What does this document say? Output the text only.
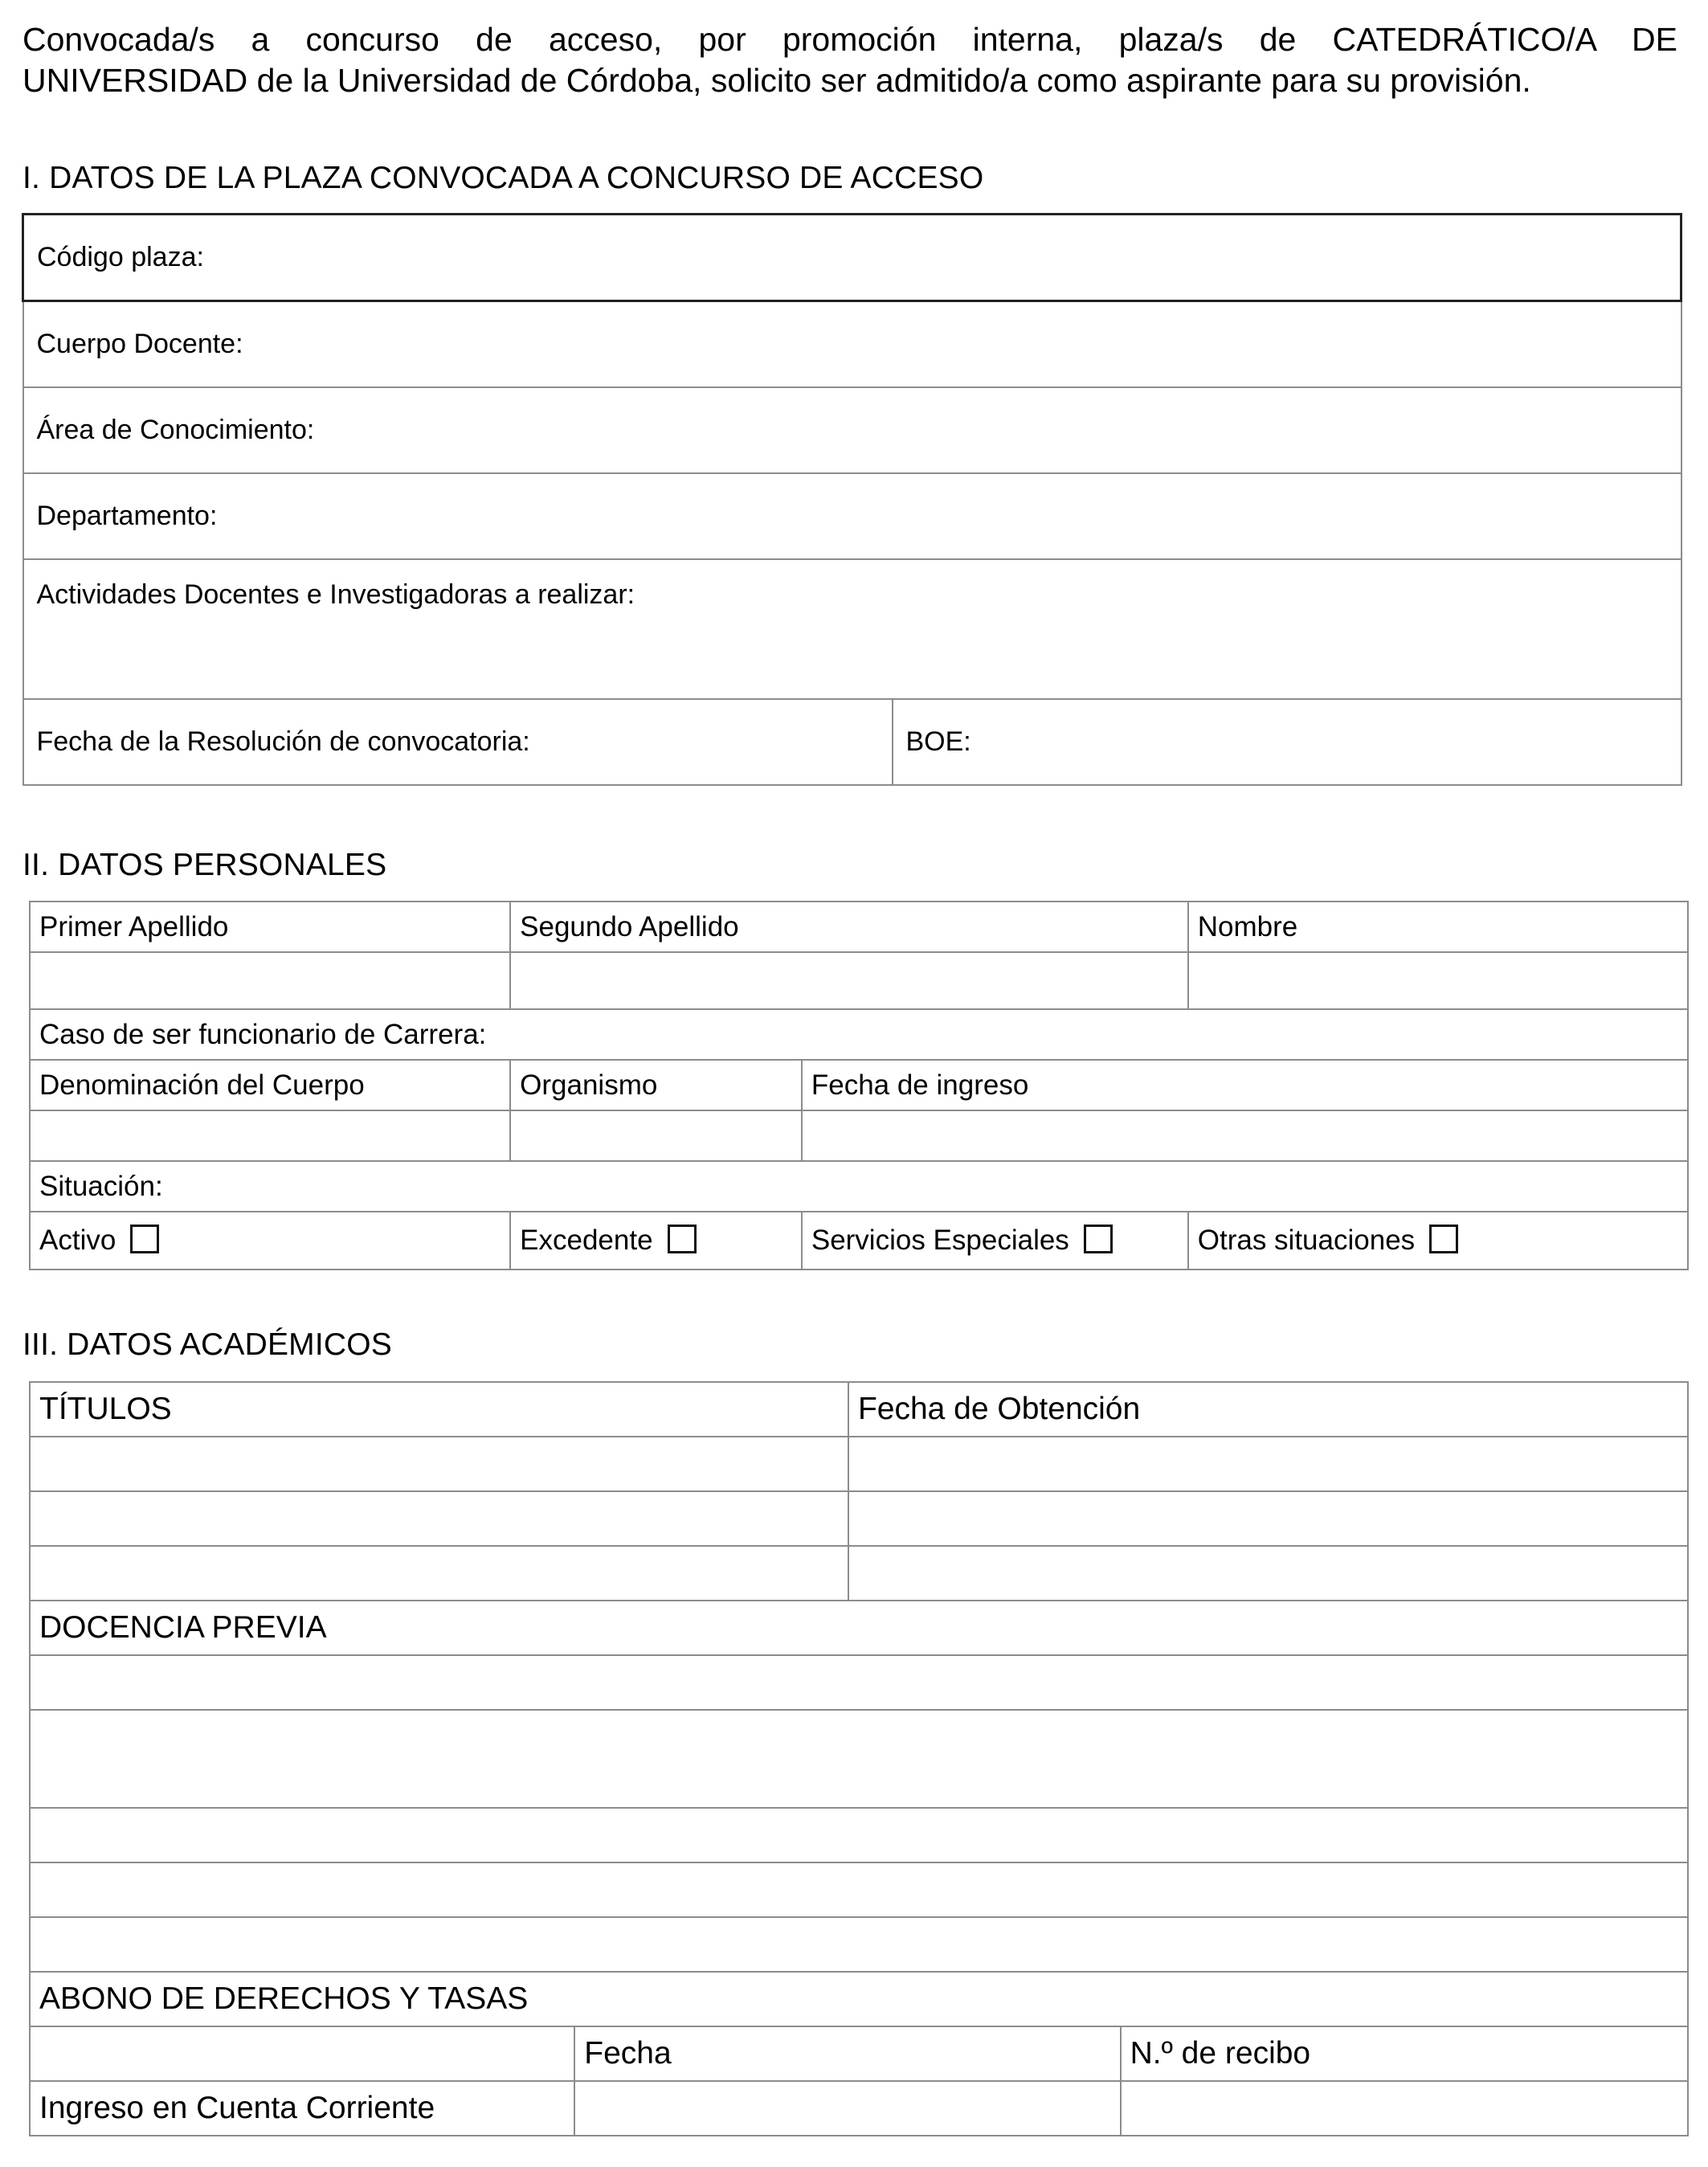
Convocada/s a concurso de acceso, por promoción interna, plaza/s de CATEDRÁTICO/A DE
UNIVERSIDAD de la Universidad de Córdoba, solicito ser admitido/a como aspirante para su provisión.
I. DATOS DE LA PLAZA CONVOCADA A CONCURSO DE ACCESO
Código plaza:
Cuerpo Docente:
Área de Conocimiento:
Departamento:
Actividades Docentes e Investigadoras a realizar:
Fecha de la Resolución de convocatoria:	BOE:
II. DATOS PERSONALES
Primer Apellido	Segundo Apellido		Nombre

Caso de ser funcionario de Carrera:			
Denominación del Cuerpo	Organismo	Fecha de ingreso	

Situación:			
Activo	Excedente	Servicios Especiales	Otras situaciones
III. DATOS ACADÉMICOS
TÍTULOS		Fecha de Obtención	

DOCENCIA PREVIA			

ABONO DE DERECHOS Y TASAS			
	Fecha		N.º de recibo
Ingreso en Cuenta Corriente			
